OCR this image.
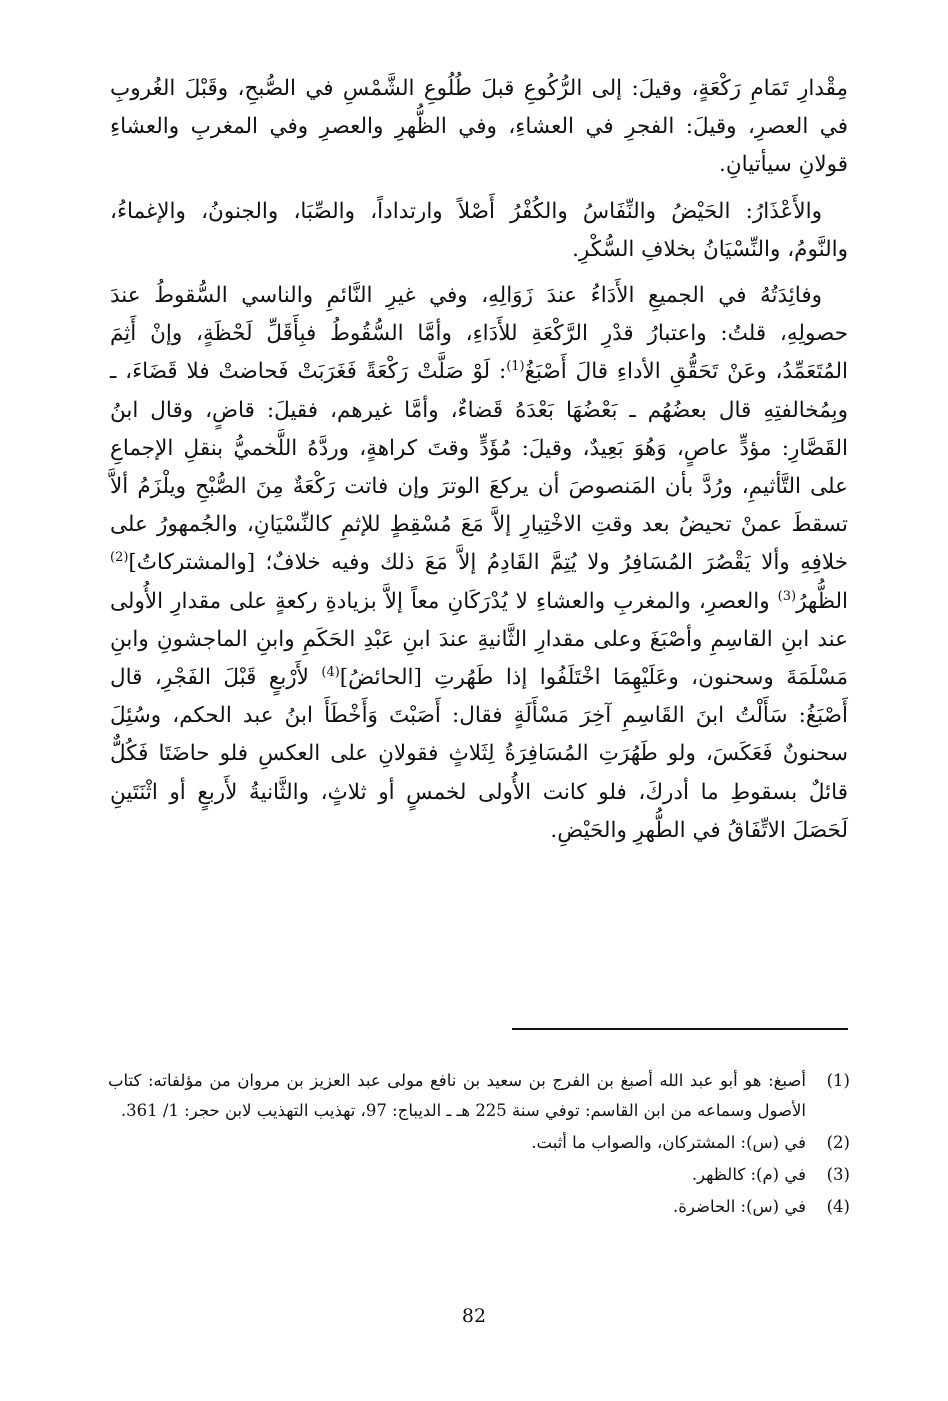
مِقْدارِ تَمَامِ رَكْعَةٍ، وقيلَ: إلى الرُّكُوعِ قبلَ طُلُوعِ الشَّمْسِ في الصُّبحِ، وقَبْلَ الغُروبِ في العصرِ، وقيلَ: الفجرِ في العشاءِ، وفي الظُّهرِ والعصرِ وفي المغربِ والعشاءِ قولانِ سيأتيانِ.

والأَعْذَارُ: الحَيْضُ والنِّفَاسُ والكُفْرُ أَصْلاً وارتداداً، والصِّبَا، والجنونُ، والإغماءُ، والنَّومُ، والنِّسْيَانُ بخلافِ السُّكْرِ.

وفائِدَتُهُ في الجميعِ الأَدَاءُ عندَ زَوَالِهِ، وفي غيرِ النَّائمِ والناسي السُّقوطُ عندَ حصولِهِ، قلتُ: واعتبارُ قدْرِ الرَّكْعَةِ للأَدَاءِ، وأمَّا السُّقُوطُ فبِأَقَلِّ لَحْظَةٍ، وإنْ أَثِمَ المُتَعَمِّدُ، وعَنْ تَحَقُّقِ الأداءِ قالَ أَصْبَغُ$^{(1)}$: لَوْ صَلَّتْ رَكْعَةً فَغَرَبَتْ فَحاضتْ فلا قَضَاءَ، ـ وبِمُخالفتِهِ قال بعضُهُم ـ بَعْضُهَا بَعْدَهُ قَضاءٌ، وأمَّا غيرهم، فقيلَ: قاضٍ، وقال ابنُ القَصَّارِ: مؤدٍّ عاصٍ، وَهُوَ بَعِيدٌ، وقيلَ: مُؤَدٍّ وقتَ كراهةٍ، وردَّهُ اللَّخميُّ بنقلِ الإجماعِ على التَّأثيمِ، ورُدَّ بأن المَنصوصَ أن يركعَ الوترَ وإن فاتت رَكْعَةٌ مِنَ الصُّبْحِ ويلْزَمُ ألاَّ تسقطَ عمنْ تحيضُ بعد وقتِ الاخْتِيارِ إلاَّ مَعَ مُسْقِطٍ للإثمِ كالنِّسْيَانِ، والجُمهورُ على خلافِهِ وألا يَقْصُرَ المُسَافِرُ ولا يُتِمَّ القَادِمُ إلاَّ مَعَ ذلك وفيه خلافٌ؛ [والمشتركاتُ]$^{(2)}$ الظُّهرُ$^{(3)}$ والعصرِ، والمغربِ والعشاءِ لا يُدْرَكَانِ معاً إلاَّ بزيادةِ ركعةٍ على مقدارِ الأُولى عند ابنِ القاسِمِ وأصْبَغَ وعلى مقدارِ الثَّانيةِ عندَ ابنِ عَبْدِ الحَكَمِ وابنِ الماجشونِ وابنِ مَسْلَمَةَ وسحنون، وعَلَيْهِمَا اخْتَلَفُوا إذا طَهُرتِ [الحائضُ]$^{(4)}$ لأَرْبعٍ قَبْلَ الفَجْرِ، قال أَصْبَغُ: سَأَلْتُ ابنَ القَاسِمِ آخِرَ مَسْأَلَةٍ فقال: أَصَبْتَ وَأَخْطَأَ ابنُ عبد الحكم، وسُئِلَ سحنونٌ فَعَكَسَ، ولو طَهُرَتِ المُسَافِرَةُ لِثَلاثٍ فقولانِ على العكسِ فلو حاضَتَا فَكُلٌّ قائلٌ بسقوطِ ما أدركَ، فلو كانت الأُولى لخمسٍ أو ثلاثٍ، والثَّانيةُ لأَربعٍ أو اثْنَتَينِ لَحَصَلَ الاتِّفَاقُ في الطُّهرِ والحَيْضِ.

(1)
أصبغ: هو أبو عبد الله أصبغ بن الفرج بن سعيد بن نافع مولى عبد العزيز بن مروان من مؤلفاته: كتاب الأصول وسماعه من ابن القاسم: توفي سنة 225 هـ ـ الديباج: 97، تهذيب التهذيب لابن حجر: 1/ 361.
(2)
في (س): المشتركان، والصواب ما أثبت.
(3)
في (م): كالظهر.
(4)
في (س): الحاضرة.
82
